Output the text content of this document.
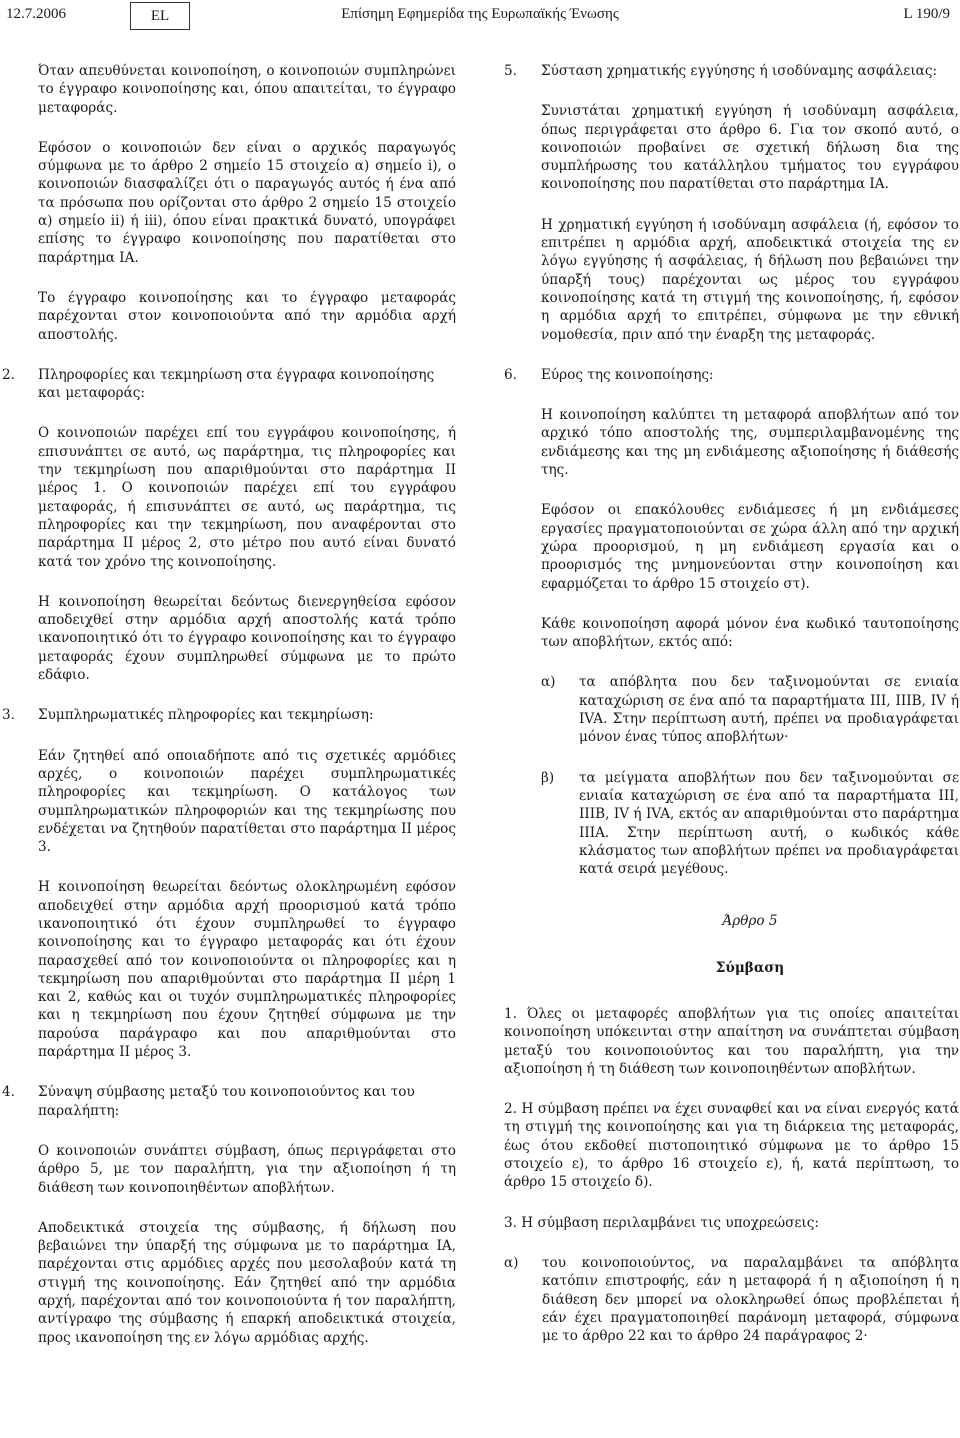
12.7.2006	EL	Επίσημη Εφημερίδα της Ευρωπαϊκής Ένωσης	L 190/9

Όταν απευθύνεται κοινοποίηση, ο κοινοποιών συμπληρώνει το έγγραφο κοινοποίησης και, όπου απαιτείται, το έγγραφο μεταφοράς.

Εφόσον ο κοινοποιών δεν είναι ο αρχικός παραγωγός σύμφωνα με το άρθρο 2 σημείο 15 στοιχείο α) σημείο i), ο κοινοποιών διασφαλίζει ότι ο παραγωγός αυτός ή ένα από τα πρόσωπα που ορίζονται στο άρθρο 2 σημείο 15 στοιχείο α) σημείο ii) ή iii), όπου είναι πρακτικά δυνατό, υπογράφει επίσης το έγγραφο κοινοποίησης που παρατίθεται στο παράρτημα ΙΑ.

Το έγγραφο κοινοποίησης και το έγγραφο μεταφοράς παρέχονται στον κοινοποιούντα από την αρμόδια αρχή αποστολής.

2. Πληροφορίες και τεκμηρίωση στα έγγραφα κοινοποίησης και μεταφοράς:

Ο κοινοποιών παρέχει επί του εγγράφου κοινοποίησης, ή επισυνάπτει σε αυτό, ως παράρτημα, τις πληροφορίες και την τεκμηρίωση που απαριθμούνται στο παράρτημα ΙΙ μέρος 1. Ο κοινοποιών παρέχει επί του εγγράφου μεταφοράς, ή επισυνάπτει σε αυτό, ως παράρτημα, τις πληροφορίες και την τεκμηρίωση, που αναφέρονται στο παράρτημα ΙΙ μέρος 2, στο μέτρο που αυτό είναι δυνατό κατά τον χρόνο της κοινοποίησης.

Η κοινοποίηση θεωρείται δεόντως διενεργηθείσα εφόσον αποδειχθεί στην αρμόδια αρχή αποστολής κατά τρόπο ικανοποιητικό ότι το έγγραφο κοινοποίησης και το έγγραφο μεταφοράς έχουν συμπληρωθεί σύμφωνα με το πρώτο εδάφιο.

3. Συμπληρωματικές πληροφορίες και τεκμηρίωση:

Εάν ζητηθεί από οποιαδήποτε από τις σχετικές αρμόδιες αρχές, ο κοινοποιών παρέχει συμπληρωματικές πληροφορίες και τεκμηρίωση. Ο κατάλογος των συμπληρωματικών πληροφοριών και της τεκμηρίωσης που ενδέχεται να ζητηθούν παρατίθεται στο παράρτημα ΙΙ μέρος 3.

Η κοινοποίηση θεωρείται δεόντως ολοκληρωμένη εφόσον αποδειχθεί στην αρμόδια αρχή προορισμού κατά τρόπο ικανοποιητικό ότι έχουν συμπληρωθεί το έγγραφο κοινοποίησης και το έγγραφο μεταφοράς και ότι έχουν παρασχεθεί από τον κοινοποιούντα οι πληροφορίες και η τεκμηρίωση που απαριθμούνται στο παράρτημα ΙΙ μέρη 1 και 2, καθώς και οι τυχόν συμπληρωματικές πληροφορίες και η τεκμηρίωση που έχουν ζητηθεί σύμφωνα με την παρούσα παράγραφο και που απαριθμούνται στο παράρτημα ΙΙ μέρος 3.

4. Σύναψη σύμβασης μεταξύ του κοινοποιούντος και του παραλήπτη:

Ο κοινοποιών συνάπτει σύμβαση, όπως περιγράφεται στο άρθρο 5, με τον παραλήπτη, για την αξιοποίηση ή τη διάθεση των κοινοποιηθέντων αποβλήτων.

Αποδεικτικά στοιχεία της σύμβασης, ή δήλωση που βεβαιώνει την ύπαρξή της σύμφωνα με το παράρτημα ΙΑ, παρέχονται στις αρμόδιες αρχές που μεσολαβούν κατά τη στιγμή της κοινοποίησης. Εάν ζητηθεί από την αρμόδια αρχή, παρέχονται από τον κοινοποιούντα ή τον παραλήπτη, αντίγραφο της σύμβασης ή επαρκή αποδεικτικά στοιχεία, προς ικανοποίηση της εν λόγω αρμόδιας αρχής.

5. Σύσταση χρηματικής εγγύησης ή ισοδύναμης ασφάλειας:

Συνιστάται χρηματική εγγύηση ή ισοδύναμη ασφάλεια, όπως περιγράφεται στο άρθρο 6. Για τον σκοπό αυτό, ο κοινοποιών προβαίνει σε σχετική δήλωση δια της συμπλήρωσης του κατάλληλου τμήματος του εγγράφου κοινοποίησης που παρατίθεται στο παράρτημα ΙΑ.

Η χρηματική εγγύηση ή ισοδύναμη ασφάλεια (ή, εφόσον το επιτρέπει η αρμόδια αρχή, αποδεικτικά στοιχεία της εν λόγω εγγύησης ή ασφάλειας, ή δήλωση που βεβαιώνει την ύπαρξή τους) παρέχονται ως μέρος του εγγράφου κοινοποίησης κατά τη στιγμή της κοινοποίησης, ή, εφόσον η αρμόδια αρχή το επιτρέπει, σύμφωνα με την εθνική νομοθεσία, πριν από την έναρξη της μεταφοράς.

6. Εύρος της κοινοποίησης:

Η κοινοποίηση καλύπτει τη μεταφορά αποβλήτων από τον αρχικό τόπο αποστολής της, συμπεριλαμβανομένης της ενδιάμεσης και της μη ενδιάμεσης αξιοποίησης ή διάθεσής της.

Εφόσον οι επακόλουθες ενδιάμεσες ή μη ενδιάμεσες εργασίες πραγματοποιούνται σε χώρα άλλη από την αρχική χώρα προορισμού, η μη ενδιάμεση εργασία και ο προορισμός της μνημονεύονται στην κοινοποίηση και εφαρμόζεται το άρθρο 15 στοιχείο στ).

Κάθε κοινοποίηση αφορά μόνον ένα κωδικό ταυτοποίησης των αποβλήτων, εκτός από:

α) τα απόβλητα που δεν ταξινομούνται σε ενιαία καταχώριση σε ένα από τα παραρτήματα ΙΙΙ, ΙΙΙΒ, IV ή IVA. Στην περίπτωση αυτή, πρέπει να προδιαγράφεται μόνον ένας τύπος αποβλήτων·
β) τα μείγματα αποβλήτων που δεν ταξινομούνται σε ενιαία καταχώριση σε ένα από τα παραρτήματα ΙΙΙ, ΙΙΙΒ, IV ή IVA, εκτός αν απαριθμούνται στο παράρτημα ΙΙΙΑ. Στην περίπτωση αυτή, ο κωδικός κάθε κλάσματος των αποβλήτων πρέπει να προδιαγράφεται κατά σειρά μεγέθους.
Άρθρο 5
Σύμβαση

1. Όλες οι μεταφορές αποβλήτων για τις οποίες απαιτείται κοινοποίηση υπόκεινται στην απαίτηση να συνάπτεται σύμβαση μεταξύ του κοινοποιούντος και του παραλήπτη, για την αξιοποίηση ή τη διάθεση των κοινοποιηθέντων αποβλήτων.

2. Η σύμβαση πρέπει να έχει συναφθεί και να είναι ενεργός κατά τη στιγμή της κοινοποίησης και για τη διάρκεια της μεταφοράς, έως ότου εκδοθεί πιστοποιητικό σύμφωνα με το άρθρο 15 στοιχείο ε), το άρθρο 16 στοιχείο ε), ή, κατά περίπτωση, το άρθρο 15 στοιχείο δ).

3. Η σύμβαση περιλαμβάνει τις υποχρεώσεις:

α) του κοινοποιούντος, να παραλαμβάνει τα απόβλητα κατόπιν επιστροφής, εάν η μεταφορά ή η αξιοποίηση ή η διάθεση δεν μπορεί να ολοκληρωθεί όπως προβλέπεται ή εάν έχει πραγματοποιηθεί παράνομη μεταφορά, σύμφωνα με το άρθρο 22 και το άρθρο 24 παράγραφος 2·
